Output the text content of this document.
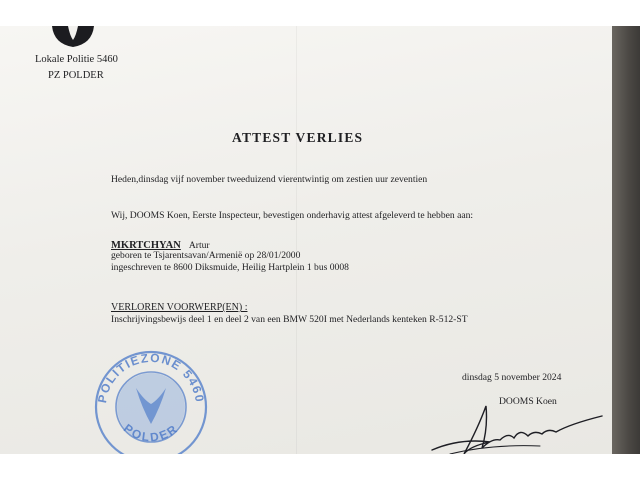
Lokale Politie 5460
PZ POLDER
ATTEST VERLIES
Heden,dinsdag vijf november tweeduizend vierentwintig om zestien uur zeventien
Wij, DOOMS Koen, Eerste Inspecteur, bevestigen onderhavig attest afgeleverd te hebben aan:
MKRTCHYAN Artur
geboren te Tsjarentsavan/Armenië op 28/01/2000
ingeschreven te 8600 Diksmuide, Heilig Hartplein 1 bus 0008
VERLOREN VOORWERP(EN) :
Inschrijvingsbewijs deel 1 en deel 2 van een BMW 520I met Nederlands kenteken R-512-ST
dinsdag 5 november 2024
DOOMS Koen
POLITIEZONE 5460
POLDER
